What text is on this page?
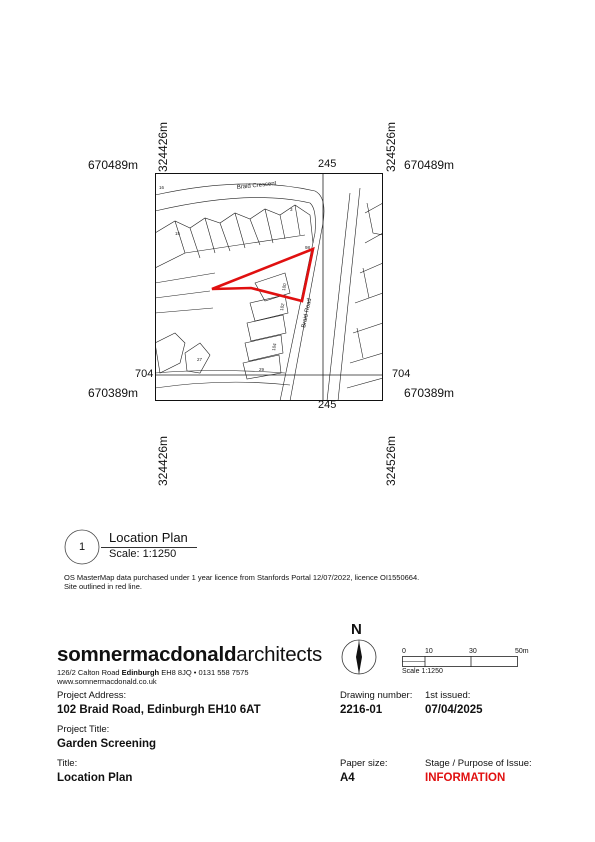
670489m	670489m
670389m	670389m
324426m	324526m
324426m	324526m
245
245
704	704
Braid Crescent
Braid Road
3
15
98
100
102
104
27
29
16
1
Location Plan
Scale: 1:1250
OS MasterMap data purchased under 1 year licence from Stanfords Portal 12/07/2022, licence OI1550664.
Site outlined in red line.
somnermacdonaldarchitects
126/2 Calton Road Edinburgh EH8 8JQ • 0131 558 7575
www.somnermacdonald.co.uk
N
0	10	30	50m
Scale 1:1250
Project Address:
102 Braid Road, Edinburgh EH10 6AT
Drawing number:
2216-01
1st issued:
07/04/2025
Project Title:
Garden Screening
Title:
Location Plan
Paper size:
A4
Stage / Purpose of Issue:
INFORMATION
